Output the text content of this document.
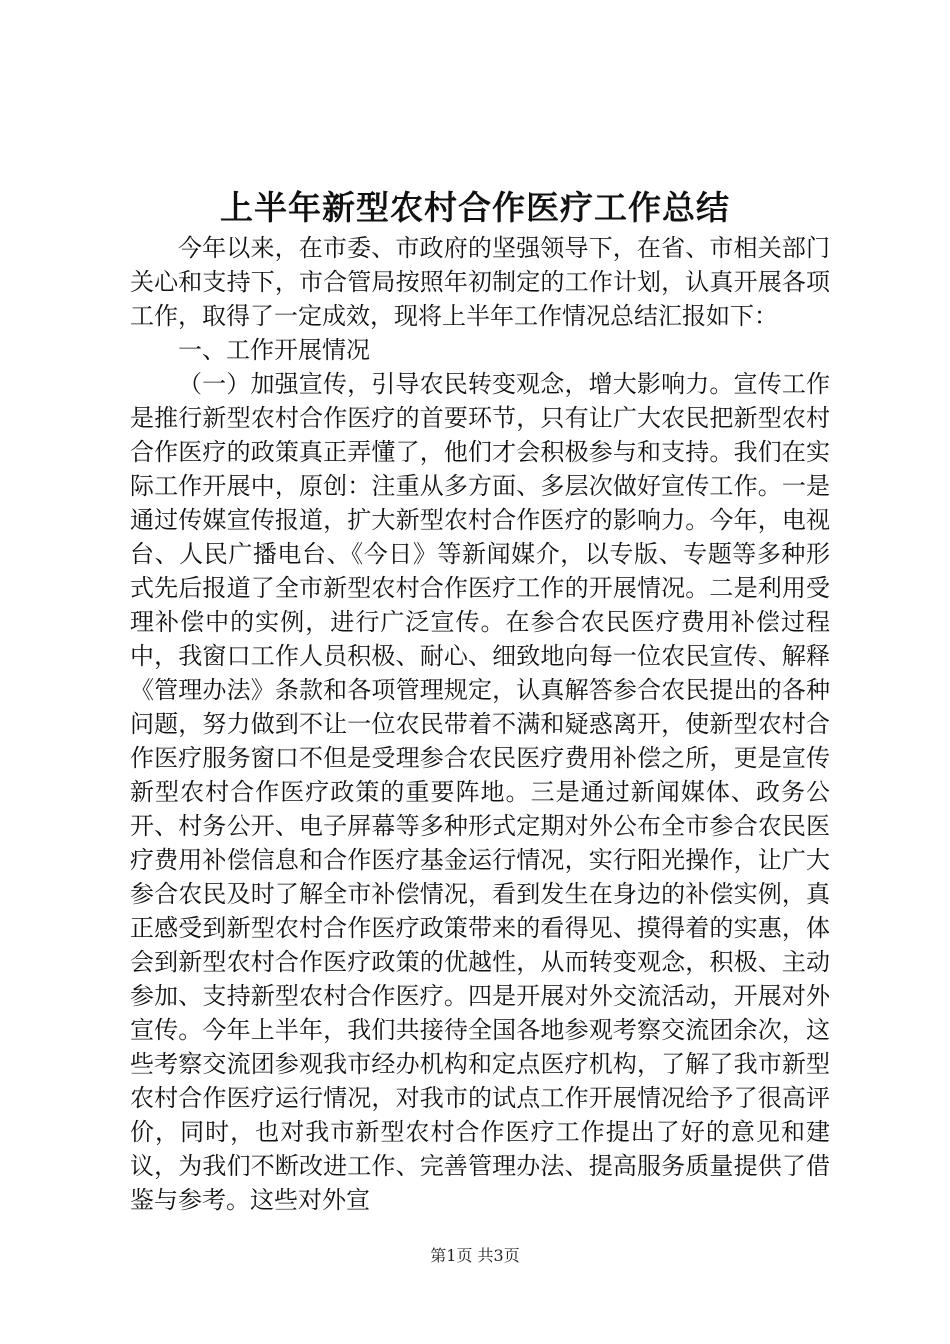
上半年新型农村合作医疗工作总结

今年以来，在市委、市政府的坚强领导下，在省、市相关部门关心和支持下，市合管局按照年初制定的工作计划，认真开展各项工作，取得了一定成效，现将上半年工作情况总结汇报如下：

一、工作开展情况

（一）加强宣传，引导农民转变观念，增大影响力。宣传工作是推行新型农村合作医疗的首要环节，只有让广大农民把新型农村合作医疗的政策真正弄懂了，他们才会积极参与和支持。我们在实际工作开展中，原创：注重从多方面、多层次做好宣传工作。一是通过传媒宣传报道，扩大新型农村合作医疗的影响力。今年，电视台、人民广播电台、《今日》等新闻媒介，以专版、专题等多种形式先后报道了全市新型农村合作医疗工作的开展情况。二是利用受理补偿中的实例，进行广泛宣传。在参合农民医疗费用补偿过程中，我窗口工作人员积极、耐心、细致地向每一位农民宣传、解释《管理办法》条款和各项管理规定，认真解答参合农民提出的各种问题，努力做到不让一位农民带着不满和疑惑离开，使新型农村合作医疗服务窗口不但是受理参合农民医疗费用补偿之所，更是宣传新型农村合作医疗政策的重要阵地。三是通过新闻媒体、政务公开、村务公开、电子屏幕等多种形式定期对外公布全市参合农民医疗费用补偿信息和合作医疗基金运行情况，实行阳光操作，让广大参合农民及时了解全市补偿情况，看到发生在身边的补偿实例，真正感受到新型农村合作医疗政策带来的看得见、摸得着的实惠，体会到新型农村合作医疗政策的优越性，从而转变观念，积极、主动参加、支持新型农村合作医疗。四是开展对外交流活动，开展对外宣传。今年上半年，我们共接待全国各地参观考察交流团余次，这些考察交流团参观我市经办机构和定点医疗机构，了解了我市新型农村合作医疗运行情况，对我市的试点工作开展情况给予了很高评价，同时，也对我市新型农村合作医疗工作提出了好的意见和建议，为我们不断改进工作、完善管理办法、提高服务质量提供了借鉴与参考。这些对外宣

第1页 共3页
